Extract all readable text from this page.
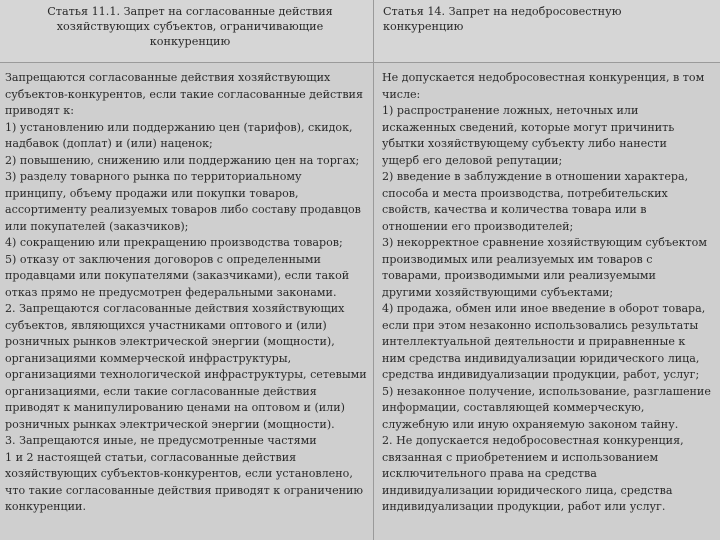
Статья 11.1. Запрет на согласованные действия
хозяйствующих субъектов, ограничивающие
конкуренцию
Статья 14. Запрет на недобросовестную
конкуренцию
Запрещаются согласованные действия хозяйствующих
субъектов-конкурентов, если такие согласованные действия
приводят к:
1) установлению или поддержанию цен (тарифов), скидок,
надбавок (доплат) и (или) наценок;
2) повышению, снижению или поддержанию цен на торгах;
3) разделу товарного рынка по территориальному
принципу, объему продажи или покупки товаров,
ассортименту реализуемых товаров либо составу продавцов
или покупателей (заказчиков);
4) сокращению или прекращению производства товаров;
5) отказу от заключения договоров с определенными
продавцами или покупателями (заказчиками), если такой
отказ прямо не предусмотрен федеральными законами.
2. Запрещаются согласованные действия хозяйствующих
субъектов, являющихся участниками оптового и (или)
розничных рынков электрической энергии (мощности),
организациями коммерческой инфраструктуры,
организациями технологической инфраструктуры, сетевыми
организациями, если такие согласованные действия
приводят к манипулированию ценами на оптовом и (или)
розничных рынках электрической энергии (мощности).
3. Запрещаются иные, не предусмотренные частями
1 и 2 настоящей статьи, согласованные действия
хозяйствующих субъектов-конкурентов, если установлено,
что такие согласованные действия приводят к ограничению
конкуренции.
Не допускается недобросовестная конкуренция, в том
числе:
1) распространение ложных, неточных или
искаженных сведений, которые могут причинить
убытки хозяйствующему субъекту либо нанести
ущерб его деловой репутации;
2) введение в заблуждение в отношении характера,
способа и места производства, потребительских
свойств, качества и количества товара или в
отношении его производителей;
3) некорректное сравнение хозяйствующим субъектом
производимых или реализуемых им товаров с
товарами, производимыми или реализуемыми
другими хозяйствующими субъектами;
4) продажа, обмен или иное введение в оборот товара,
если при этом незаконно использовались результаты
интеллектуальной деятельности и приравненные к
ним средства индивидуализации юридического лица,
средства индивидуализации продукции, работ, услуг;
5) незаконное получение, использование, разглашение
информации, составляющей коммерческую,
служебную или иную охраняемую законом тайну.
2. Не допускается недобросовестная конкуренция,
связанная с приобретением и использованием
исключительного права на средства
индивидуализации юридического лица, средства
индивидуализации продукции, работ или услуг.
